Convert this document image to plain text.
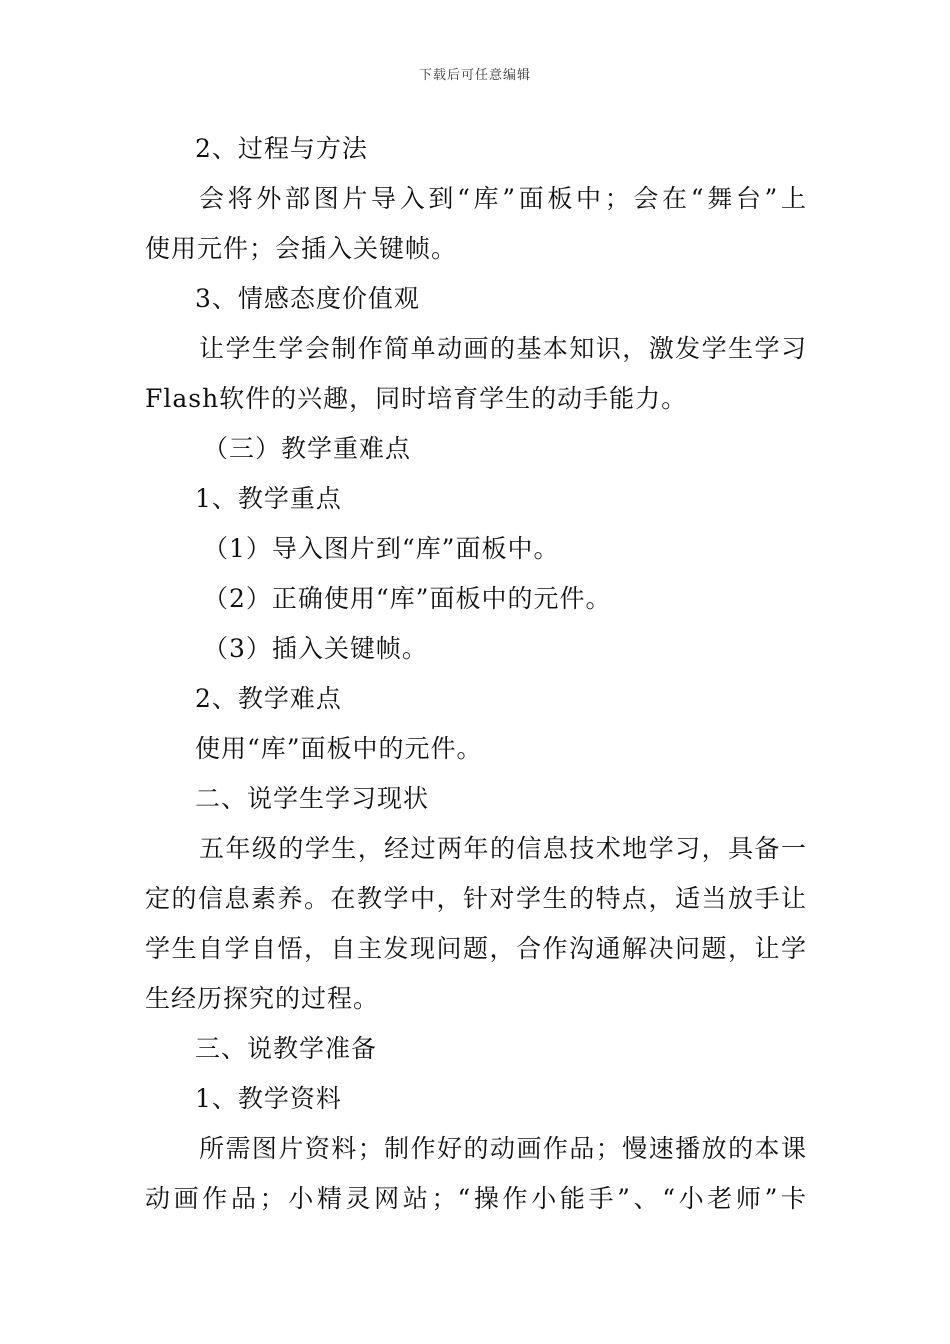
下载后可任意编辑
2、过程与方法
会将外部图片导入到“库”面板中；会在“舞台”上
使用元件；会插入关键帧。
3、情感态度价值观
让学生学会制作简单动画的基本知识，激发学生学习
Flash软件的兴趣，同时培育学生的动手能力。
（三）教学重难点
1、教学重点
（1）导入图片到“库”面板中。
（2）正确使用“库”面板中的元件。
（3）插入关键帧。
2、教学难点
使用“库”面板中的元件。
二、说学生学习现状
五年级的学生，经过两年的信息技术地学习，具备一
定的信息素养。在教学中，针对学生的特点，适当放手让
学生自学自悟，自主发现问题，合作沟通解决问题，让学
生经历探究的过程。
三、说教学准备
1、教学资料
所需图片资料；制作好的动画作品；慢速播放的本课
动画作品；小精灵网站；“操作小能手”、“小老师”卡
